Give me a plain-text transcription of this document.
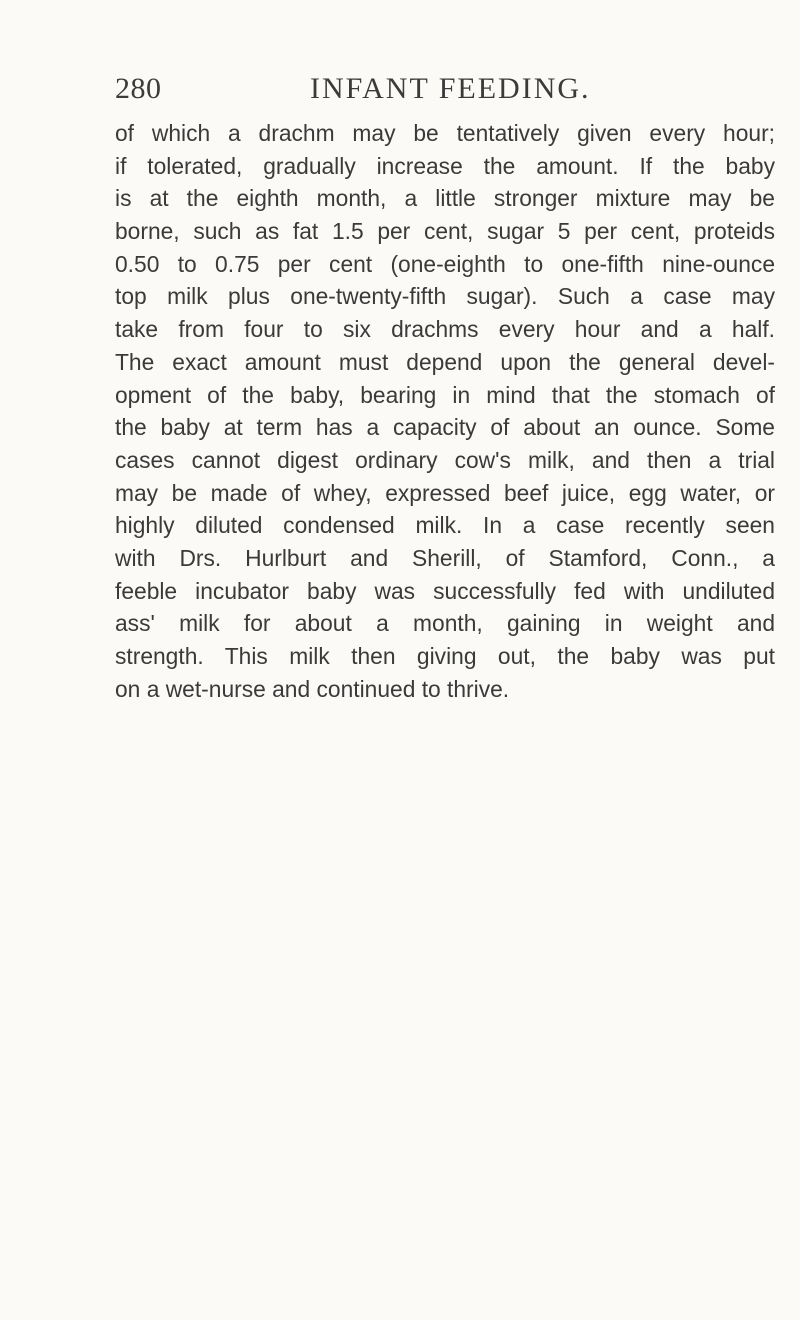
280	INFANT FEEDING.
of which a drachm may be tentatively given every hour;
if tolerated, gradually increase the amount. If the baby
is at the eighth month, a little stronger mixture may be
borne, such as fat 1.5 per cent, sugar 5 per cent, proteids
0.50 to 0.75 per cent (one-eighth to one-fifth nine-ounce
top milk plus one-twenty-fifth sugar). Such a case may
take from four to six drachms every hour and a half.
The exact amount must depend upon the general devel-
opment of the baby, bearing in mind that the stomach of
the baby at term has a capacity of about an ounce. Some
cases cannot digest ordinary cow's milk, and then a trial
may be made of whey, expressed beef juice, egg water, or
highly diluted condensed milk. In a case recently seen
with Drs. Hurlburt and Sherill, of Stamford, Conn., a
feeble incubator baby was successfully fed with undiluted
ass' milk for about a month, gaining in weight and
strength. This milk then giving out, the baby was put
on a wet-nurse and continued to thrive.
